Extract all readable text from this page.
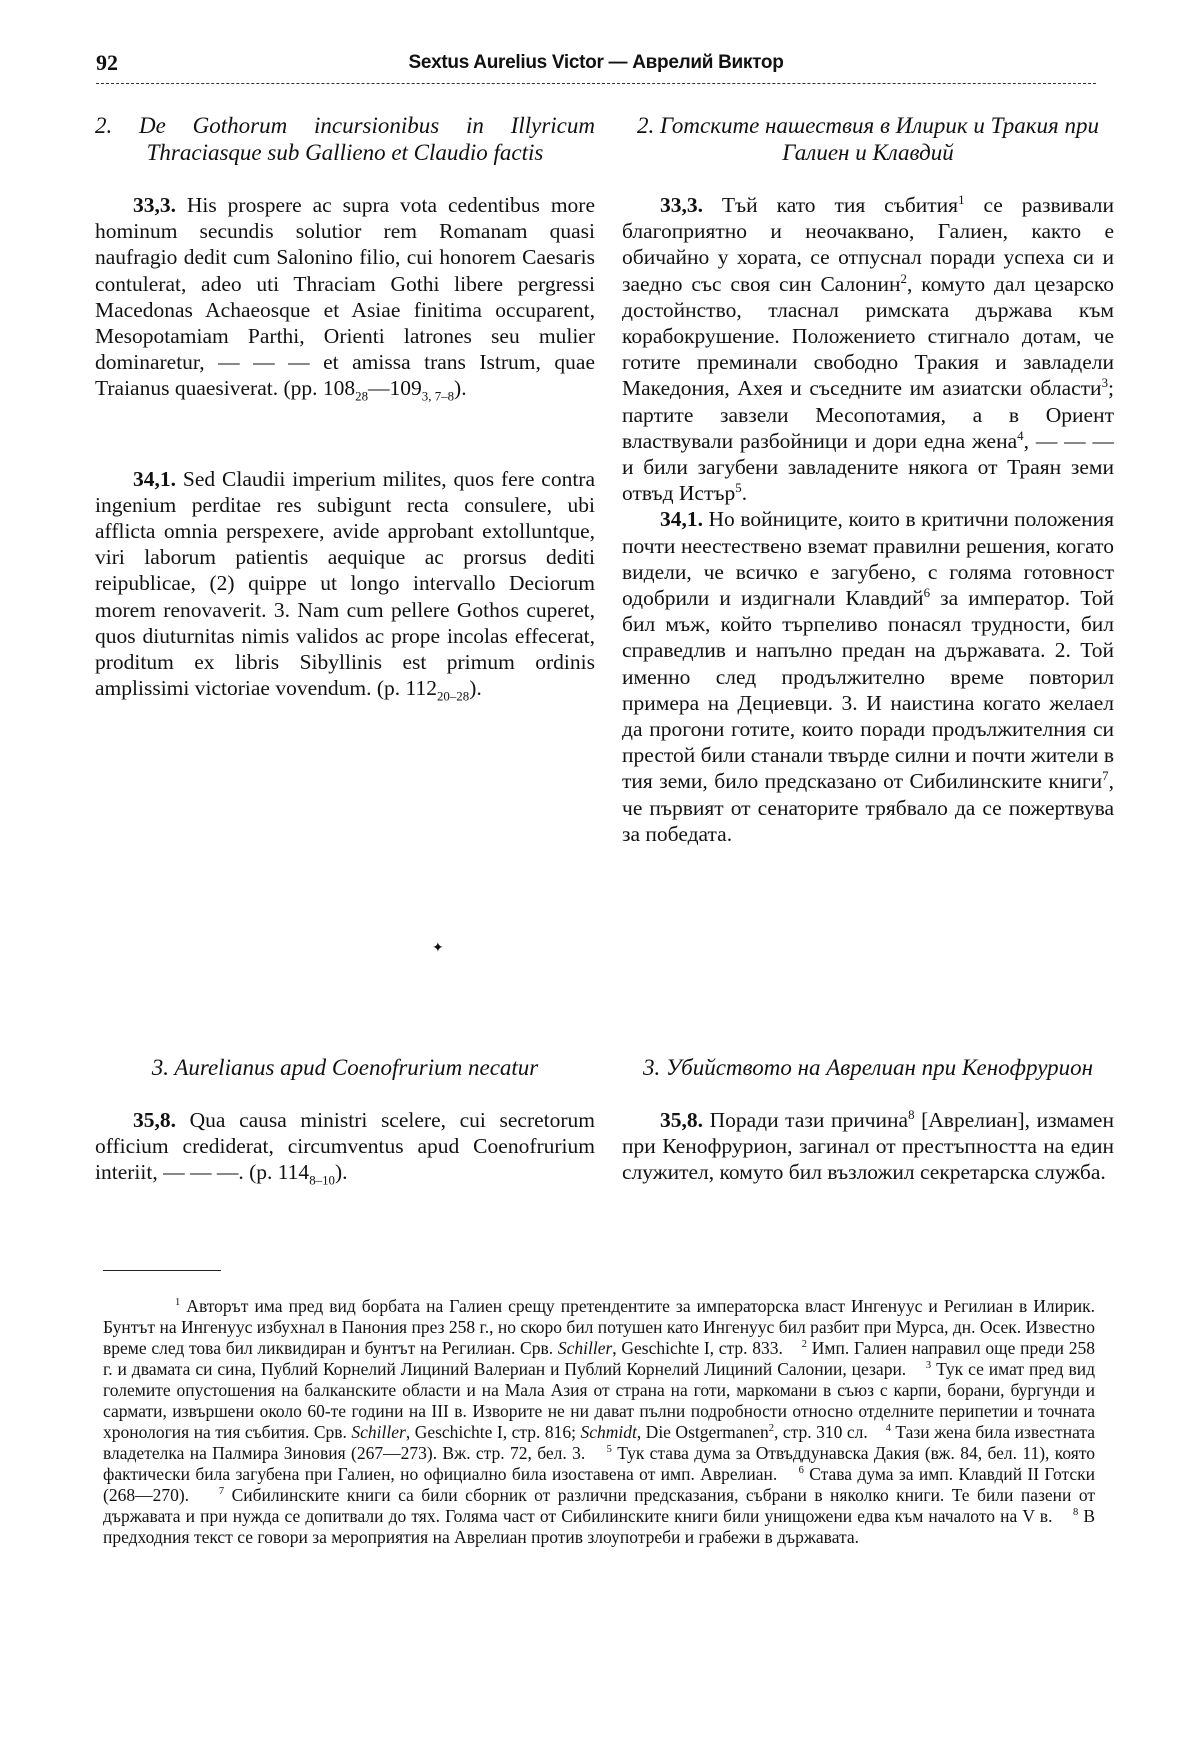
92	Sextus Aurelius Victor — Аврелий Виктор
2. De Gothorum incursionibus in Illyricum Thraciasque sub Gallieno et Claudio factis

33,3. His prospere ac supra vota cedentibus more hominum secundis solutior rem Romanam quasi naufragio dedit cum Salonino filio, cui honorem Caesaris contulerat, adeo uti Thraciam Gothi libere pergressi Macedonas Achaeosque et Asiae finitima occuparent, Mesopotamiam Parthi, Orienti latrones seu mulier dominaretur, — — — et amissa trans Istrum, quae Traianus quaesiverat. (pp. $108_{28}—109_{3, 7-8}$).

34,1. Sed Claudii imperium milites, quos fere contra ingenium perditae res subigunt recta consulere, ubi afflicta omnia perspexere, avide approbant extolluntque, viri laborum patientis aequique ac prorsus dediti reipublicae, (2) quippe ut longo intervallo Deciorum morem renovaverit. 3. Nam cum pellere Gothos cuperet, quos diuturnitas nimis validos ac prope incolas effecerat, proditum ex libris Sibyllinis est primum ordinis amplissimi victoriae vovendum. (p. $112_{20-28}$).

2. Готските нашествия в Илирик и Тракия при Галиен и Клавдий

33,3. Тъй като тия събития$^1$ се развивали благоприятно и неочаквано, Галиен, както е обичайно у хората, се отпуснал поради успеха си и заедно със своя син Салонин$^2$, комуто дал цезарско достойнство, тласнал римската държава към корабокрушение. Положението стигнало дотам, че готите преминали свободно Тракия и завладели Македония, Ахея и съседните им азиатски области$^3$; партите завзели Месопотамия, а в Ориент властвували разбойници и дори една жена$^4$, — — — и били загубени завладените някога от Траян земи отвъд Истър$^5$.

34,1. Но войниците, които в критични положения почти неестествено вземат правилни решения, когато видели, че всичко е загубено, с голяма готовност одобрили и издигнали Клавдий$^6$ за император. Той бил мъж, който търпеливо понасял трудности, бил справедлив и напълно предан на държавата. 2. Той именно след продължително време повторил примера на Дециевци. 3. И наистина когато желаел да прогони готите, които поради продължителния си престой били станали твърде силни и почти жители в тия земи, било предсказано от Сибилинските книги$^7$, че първият от сенаторите трябвало да се пожертвува за победата.

✦
3. Aurelianus apud Coenofrurium necatur

35,8. Qua causa ministri scelere, cui secretorum officium crediderat, circumventus apud Coenofrurium interiit, — — —. (p. $114_{8-10}$).

3. Убийството на Аврелиан при Кенофрурион

35,8. Поради тази причина$^8$ [Аврелиан], измамен при Кенофрурион, загинал от престъпността на един служител, комуто бил възложил секретарска служба.

$^1$ Авторът има пред вид борбата на Галиен срещу претендентите за императорска власт Ингенуус и Регилиан в Илирик. Бунтът на Ингенуус избухнал в Панония през 258 г., но скоро бил потушен като Ингенуус бил разбит при Мурса, дн. Осек. Известно време след това бил ликвидиран и бунтът на Регилиан. Срв. Schiller, Geschichte I, стр. 833. $^2$ Имп. Галиен направил още преди 258 г. и двамата си сина, Публий Корнелий Лициний Валериан и Публий Корнелий Лициний Салонии, цезари. $^3$ Тук се имат пред вид големите опустошения на балканските области и на Мала Азия от страна на готи, маркомани в съюз с карпи, борани, бургунди и сармати, извършени около 60-те години на III в. Изворите не ни дават пълни подробности относно отделните перипетии и точната хронология на тия събития. Срв. Schiller, Geschichte I, стр. 816; Schmidt, Die Ostgermanen$^2$, стр. 310 сл. $^4$ Тази жена била известната владетелка на Палмира Зиновия (267—273). Вж. стр. 72, бел. 3. $^5$ Тук става дума за Отвъддунавска Дакия (вж. 84, бел. 11), която фактически била загубена при Галиен, но официално била изоставена от имп. Аврелиан. $^6$ Става дума за имп. Клавдий II Готски (268—270).	$^7$ Сибилинските книги са били сборник от различни предсказания, събрани в няколко книги. Те били пазени от държавата и при нужда се допитвали до тях. Голяма част от Сибилинските книги били унищожени едва към началото на V в. $^8$ В предходния текст се говори за мероприятия на Аврелиан против злоупотреби и грабежи в държавата.
